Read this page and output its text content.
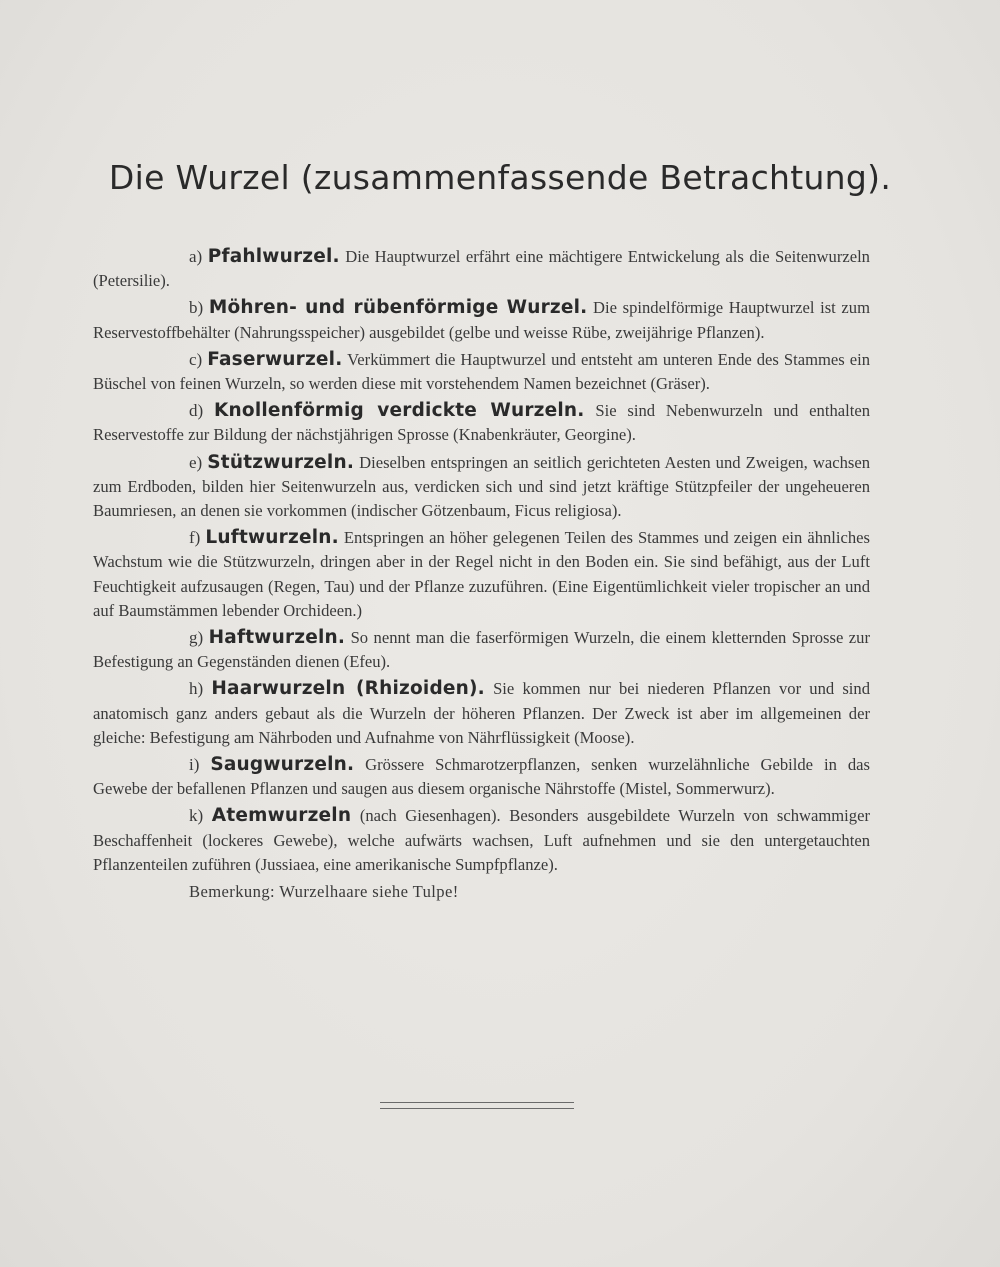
Die Wurzel (zusammenfassende Betrachtung).

a) Pfahlwurzel. Die Hauptwurzel erfährt eine mächtigere Entwickelung als die Seitenwurzeln (Petersilie).

b) Möhren- und rübenförmige Wurzel. Die spindelförmige Hauptwurzel ist zum Reservestoffbehälter (Nahrungsspeicher) ausgebildet (gelbe und weisse Rübe, zweijährige Pflanzen).

c) Faserwurzel. Verkümmert die Hauptwurzel und entsteht am unteren Ende des Stammes ein Büschel von feinen Wurzeln, so werden diese mit vorstehendem Namen bezeichnet (Gräser).

d) Knollenförmig verdickte Wurzeln. Sie sind Nebenwurzeln und enthalten Reservestoffe zur Bildung der nächstjährigen Sprosse (Knabenkräuter, Georgine).

e) Stützwurzeln. Dieselben entspringen an seitlich gerichteten Aesten und Zweigen, wachsen zum Erdboden, bilden hier Seitenwurzeln aus, verdicken sich und sind jetzt kräftige Stützpfeiler der ungeheueren Baumriesen, an denen sie vorkommen (indischer Götzenbaum, Ficus religiosa).

f) Luftwurzeln. Entspringen an höher gelegenen Teilen des Stammes und zeigen ein ähnliches Wachstum wie die Stützwurzeln, dringen aber in der Regel nicht in den Boden ein. Sie sind befähigt, aus der Luft Feuchtigkeit aufzusaugen (Regen, Tau) und der Pflanze zuzuführen. (Eine Eigentümlichkeit vieler tropischer an und auf Baumstämmen lebender Orchideen.)

g) Haftwurzeln. So nennt man die faserförmigen Wurzeln, die einem kletternden Sprosse zur Befestigung an Gegenständen dienen (Efeu).

h) Haarwurzeln (Rhizoiden). Sie kommen nur bei niederen Pflanzen vor und sind anatomisch ganz anders gebaut als die Wurzeln der höheren Pflanzen. Der Zweck ist aber im allgemeinen der gleiche: Befestigung am Nährboden und Aufnahme von Nährflüssigkeit (Moose).

i) Saugwurzeln. Grössere Schmarotzerpflanzen, senken wurzelähnliche Gebilde in das Gewebe der befallenen Pflanzen und saugen aus diesem organische Nährstoffe (Mistel, Sommerwurz).

k) Atemwurzeln (nach Giesenhagen). Besonders ausgebildete Wurzeln von schwammiger Beschaffenheit (lockeres Gewebe), welche aufwärts wachsen, Luft aufnehmen und sie den untergetauchten Pflanzenteilen zuführen (Jussiaea, eine amerikanische Sumpfpflanze).

Bemerkung: Wurzelhaare siehe Tulpe!
